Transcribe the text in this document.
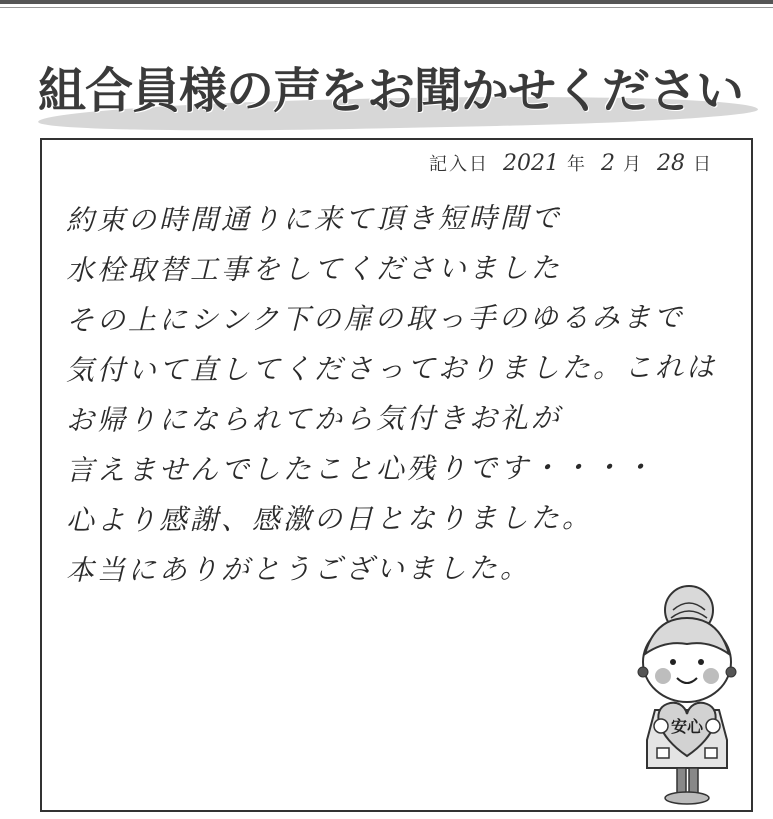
組合員様の声をお聞かせください
記入日 2021 年 2 月 28 日
約束の時間通りに来て頂き短時間で
水栓取替工事をしてくださいました
その上にシンク下の扉の取っ手のゆるみまで
気付いて直してくださっておりました。これは
お帰りになられてから気付きお礼が
言えませんでしたこと心残りです・・・・
心より感謝、感激の日となりました。
本当にありがとうございました。
安心
